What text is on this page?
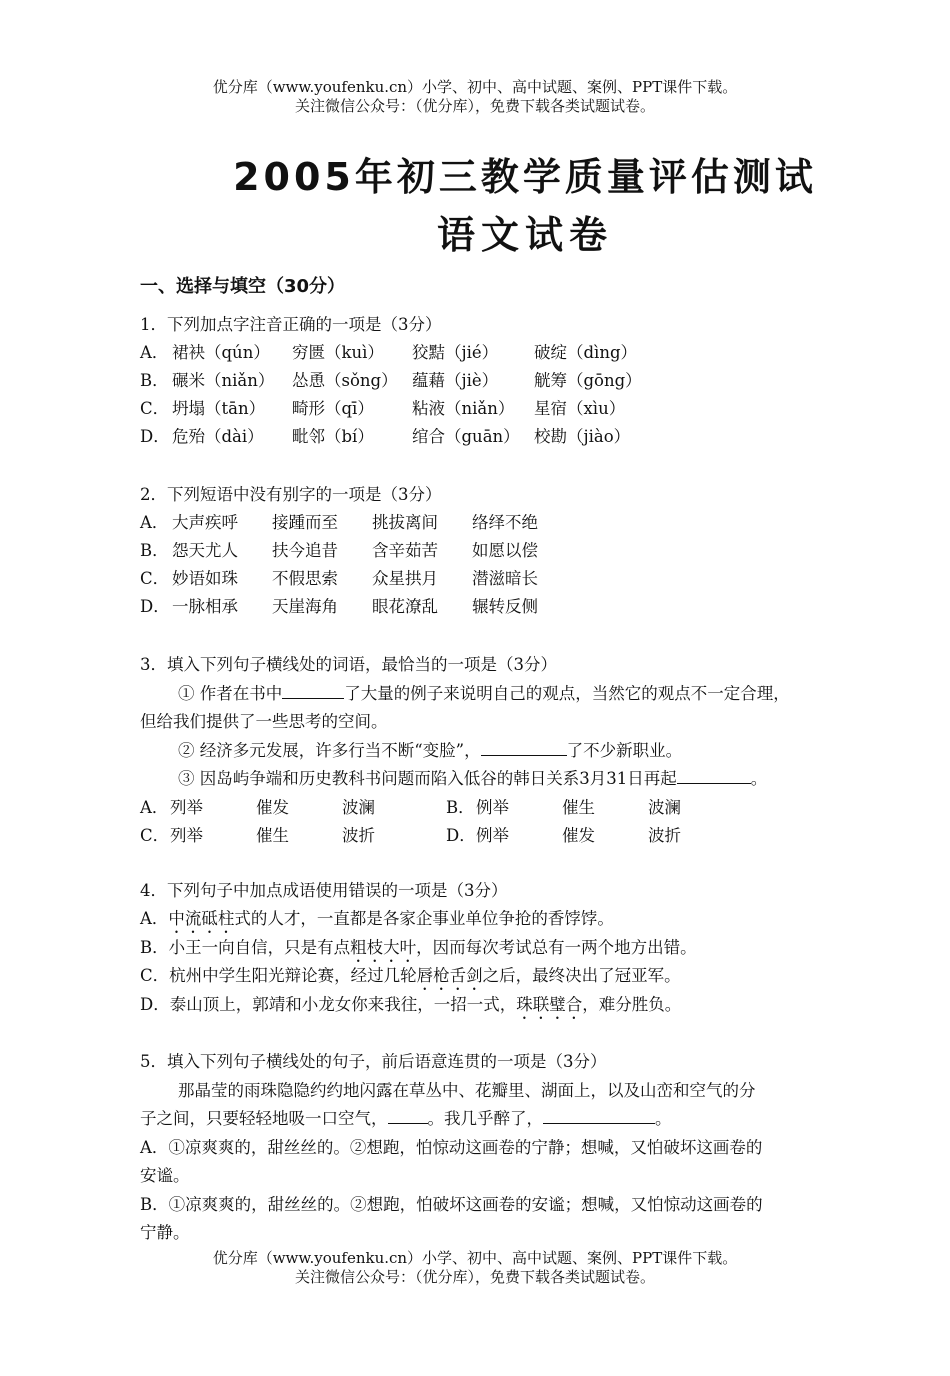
优分库（www.youfenku.cn）小学、初中、高中试题、案例、PPT课件下载。
关注微信公众号：（优分库），免费下载各类试题试卷。
2005年初三教学质量评估测试
语文试卷
一、选择与填空（30分）
1．下列加点字注音正确的一项是（3分）
A． 裙袂（qún） 穷匮（kuì） 狡黠（jié） 破绽（dìng）
B． 碾米（niǎn） 怂恿（sǒng） 蕴藉（jiè） 觥筹（gōng）
C． 坍塌（tān） 畸形（qī） 粘液（niǎn） 星宿（xìu）
D． 危殆（dài） 毗邻（bí） 绾合（guān） 校勘（jiào）
2．下列短语中没有别字的一项是（3分）
A． 大声疾呼 接踵而至 挑拔离间 络绎不绝
B． 怨天尤人 扶今追昔 含辛茹苦 如愿以偿
C． 妙语如珠 不假思索 众星拱月 潜滋暗长
D． 一脉相承 天崖海角 眼花潦乱 辗转反侧
3．填入下列句子横线处的词语，最恰当的一项是（3分）
① 作者在书中	了大量的例子来说明自己的观点，当然它的观点不一定合理，
但给我们提供了一些思考的空间。
② 经济多元发展，许多行当不断“变脸”，	了不少新职业。
③ 因岛屿争端和历史教科书问题而陷入低谷的韩日关系3月31日再起	。
A．列举	催发	波澜	B．例举	催生	波澜
C．列举	催生	波折	D．例举	催发	波折
4．下列句子中加点成语使用错误的一项是（3分）
A．中流砥柱式的人才，一直都是各家企事业单位争抢的香饽饽。
B．小王一向自信，只是有点粗枝大叶，因而每次考试总有一两个地方出错。
C．杭州中学生阳光辩论赛，经过几轮唇枪舌剑之后，最终决出了冠亚军。
D．泰山顶上，郭靖和小龙女你来我往，一招一式，珠联璧合，难分胜负。
5．填入下列句子横线处的句子，前后语意连贯的一项是（3分）
那晶莹的雨珠隐隐约约地闪露在草丛中、花瓣里、湖面上，以及山峦和空气的分
子之间，只要轻轻地吸一口空气， 。我几乎醉了，	。
A．①凉爽爽的，甜丝丝的。②想跑，怕惊动这画卷的宁静；想喊，又怕破坏这画卷的
安谧。
B．①凉爽爽的，甜丝丝的。②想跑，怕破坏这画卷的安谧；想喊，又怕惊动这画卷的
宁静。
优分库（www.youfenku.cn）小学、初中、高中试题、案例、PPT课件下载。
关注微信公众号：（优分库），免费下载各类试题试卷。
